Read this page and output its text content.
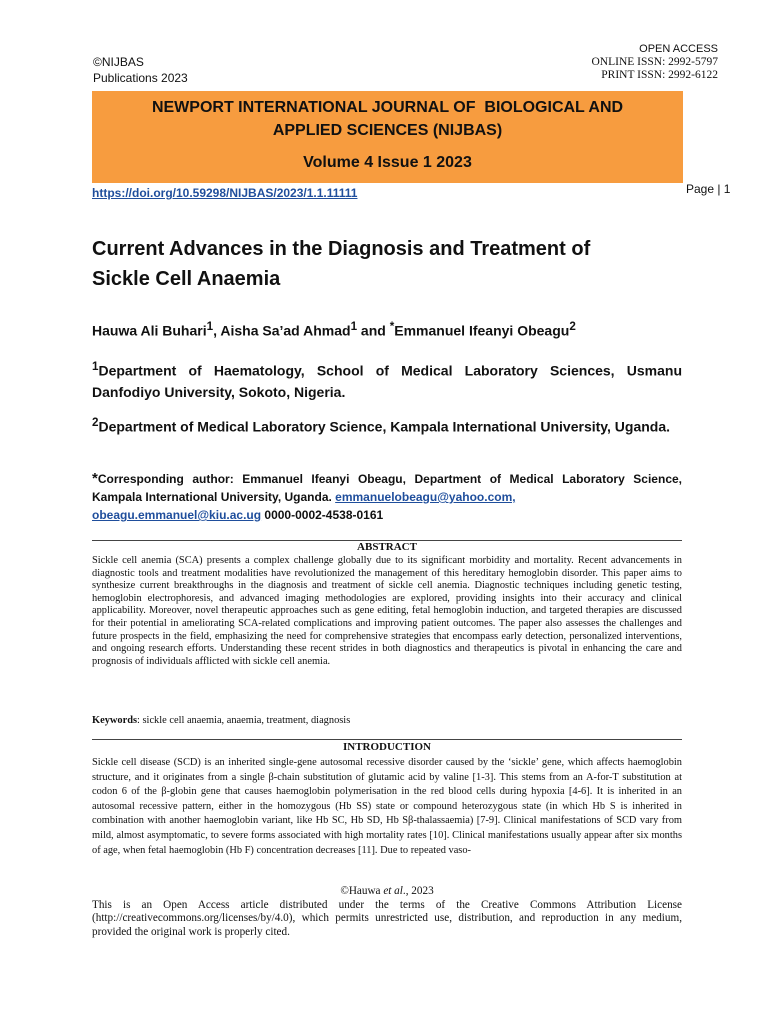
©NIJBAS
Publications 2023
OPEN ACCESS
ONLINE ISSN: 2992-5797
PRINT ISSN: 2992-6122
NEWPORT INTERNATIONAL JOURNAL OF  BIOLOGICAL AND
APPLIED SCIENCES (NIJBAS)
Volume 4 Issue 1 2023
https://doi.org/10.59298/NIJBAS/2023/1.1.11111	Page | 1
Current Advances in the Diagnosis and Treatment of
Sickle Cell Anaemia
Hauwa Ali Buhari$^1$, Aisha Sa’ad Ahmad$^1$ and *Emmanuel Ifeanyi Obeagu$^2$
$^1$Department of Haematology, School of Medical Laboratory Sciences, Usmanu Danfodiyo University, Sokoto, Nigeria.
$^2$Department of Medical Laboratory Science, Kampala International University, Uganda.
*Corresponding author: Emmanuel Ifeanyi Obeagu, Department of Medical Laboratory Science, Kampala International University, Uganda. emmanuelobeagu@yahoo.com,
obeagu.emmanuel@kiu.ac.ug 0000-0002-4538-0161
ABSTRACT
Sickle cell anemia (SCA) presents a complex challenge globally due to its significant morbidity and mortality. Recent advancements in diagnostic tools and treatment modalities have revolutionized the management of this hereditary hemoglobin disorder. This paper aims to synthesize current breakthroughs in the diagnosis and treatment of sickle cell anemia. Diagnostic techniques including genetic testing, hemoglobin electrophoresis, and advanced imaging methodologies are explored, providing insights into their accuracy and clinical applicability. Moreover, novel therapeutic approaches such as gene editing, fetal hemoglobin induction, and targeted therapies are discussed for their potential in ameliorating SCA-related complications and improving patient outcomes. The paper also assesses the challenges and future prospects in the field, emphasizing the need for comprehensive strategies that encompass early detection, personalized interventions, and ongoing research efforts. Understanding these recent strides in both diagnostics and therapeutics is pivotal in enhancing the care and prognosis of individuals afflicted with sickle cell anemia.
Keywords: sickle cell anaemia, anaemia, treatment, diagnosis
INTRODUCTION
Sickle cell disease (SCD) is an inherited single-gene autosomal recessive disorder caused by the ‘sickle’ gene, which affects haemoglobin structure, and it originates from a single β-chain substitution of glutamic acid by valine [1-3]. This stems from an A-for-T substitution at codon 6 of the β-globin gene that causes haemoglobin polymerisation in the red blood cells during hypoxia [4-6]. It is inherited in an autosomal recessive pattern, either in the homozygous (Hb SS) state or compound heterozygous state (in which Hb S is inherited in combination with another haemoglobin variant, like Hb SC, Hb SD, Hb Sβ-thalassaemia) [7-9]. Clinical manifestations of SCD vary from mild, almost asymptomatic, to severe forms associated with high mortality rates [10]. Clinical manifestations usually appear after six months of age, when fetal haemoglobin (Hb F) concentration decreases [11]. Due to repeated vaso-
©Hauwa et al., 2023
This is an Open Access article distributed under the terms of the Creative Commons Attribution License (http://creativecommons.org/licenses/by/4.0), which permits unrestricted use, distribution, and reproduction in any medium, provided the original work is properly cited.
